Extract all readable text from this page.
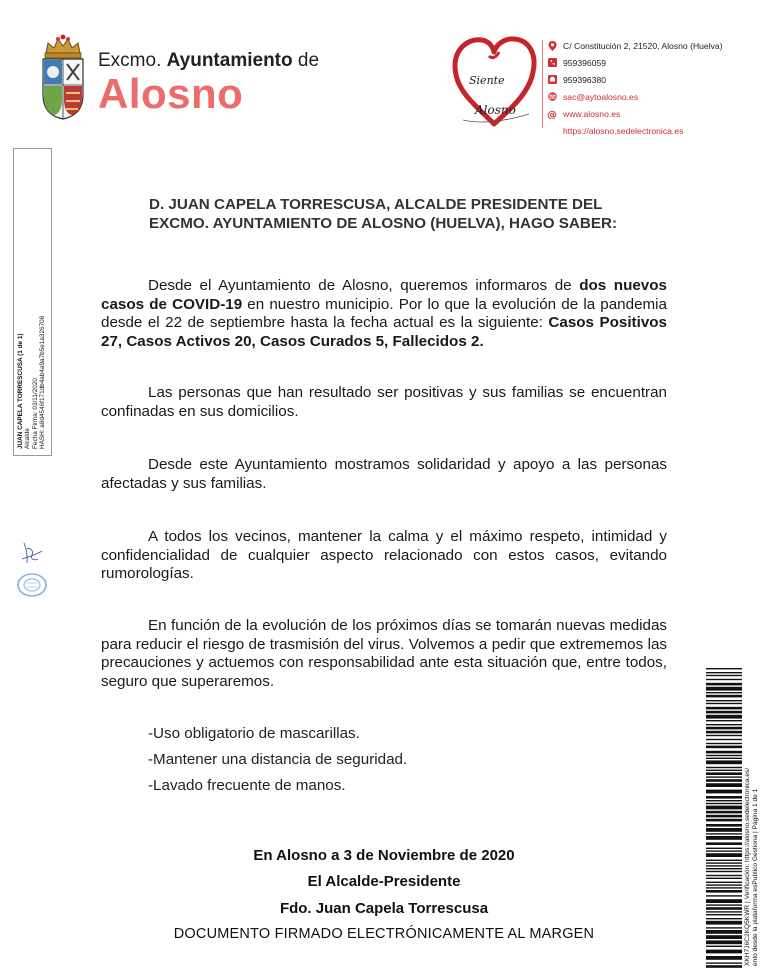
Excmo. Ayuntamiento de
Alosno	Siente
Alosno
C/ Constitución 2, 21520, Alosno (Huelva)
959396059
959396380
sac@aytoalosno.es
@ www.alosno.es
https://alosno.sedelectronica.es
JUAN CAPELA TORRESCUSA (1 de 1) Alcalde Fecha Firma: 03/11/2020 HASH: a8d4546f171db4ab4a9a7b5e1a326708
D. JUAN CAPELA TORRESCUSA, ALCALDE PRESIDENTE DEL
EXCMO. AYUNTAMIENTO DE ALOSNO (HUELVA), HAGO SABER:

Desde el Ayuntamiento de Alosno, queremos informaros de dos nuevos casos de COVID-19 en nuestro municipio. Por lo que la evolución de la pandemia desde el 22 de septiembre hasta la fecha actual es la siguiente: Casos Positivos 27, Casos Activos 20, Casos Curados 5, Fallecidos 2.

Las personas que han resultado ser positivas y sus familias se encuentran confinadas en sus domicilios.

Desde este Ayuntamiento mostramos solidaridad y apoyo a las personas afectadas y sus familias.

A todos los vecinos, mantener la calma y el máximo respeto, intimidad y confidencialidad de cualquier aspecto relacionado con estos casos, evitando rumorologías.

En función de la evolución de los próximos días se tomarán nuevas medidas para reducir el riesgo de trasmisión del virus. Volvemos a pedir que extrememos las precauciones y actuemos con responsabilidad ante esta situación que, entre todos, seguro que superaremos.

-Uso obligatorio de mascarillas.
-Mantener una distancia de seguridad.
-Lavado frecuente de manos.
En Alosno a 3 de Noviembre de 2020
El Alcalde-Presidente
Fdo. Juan Capela Torrescusa
DOCUMENTO FIRMADO ELECTRÓNICAMENTE AL MARGEN	XKH7J6C2KQ5KWR | Verificación: https://alosno.sedelectronica.es/ ento desde la plataforma esPublico Gestiona | Página 1 de 1
